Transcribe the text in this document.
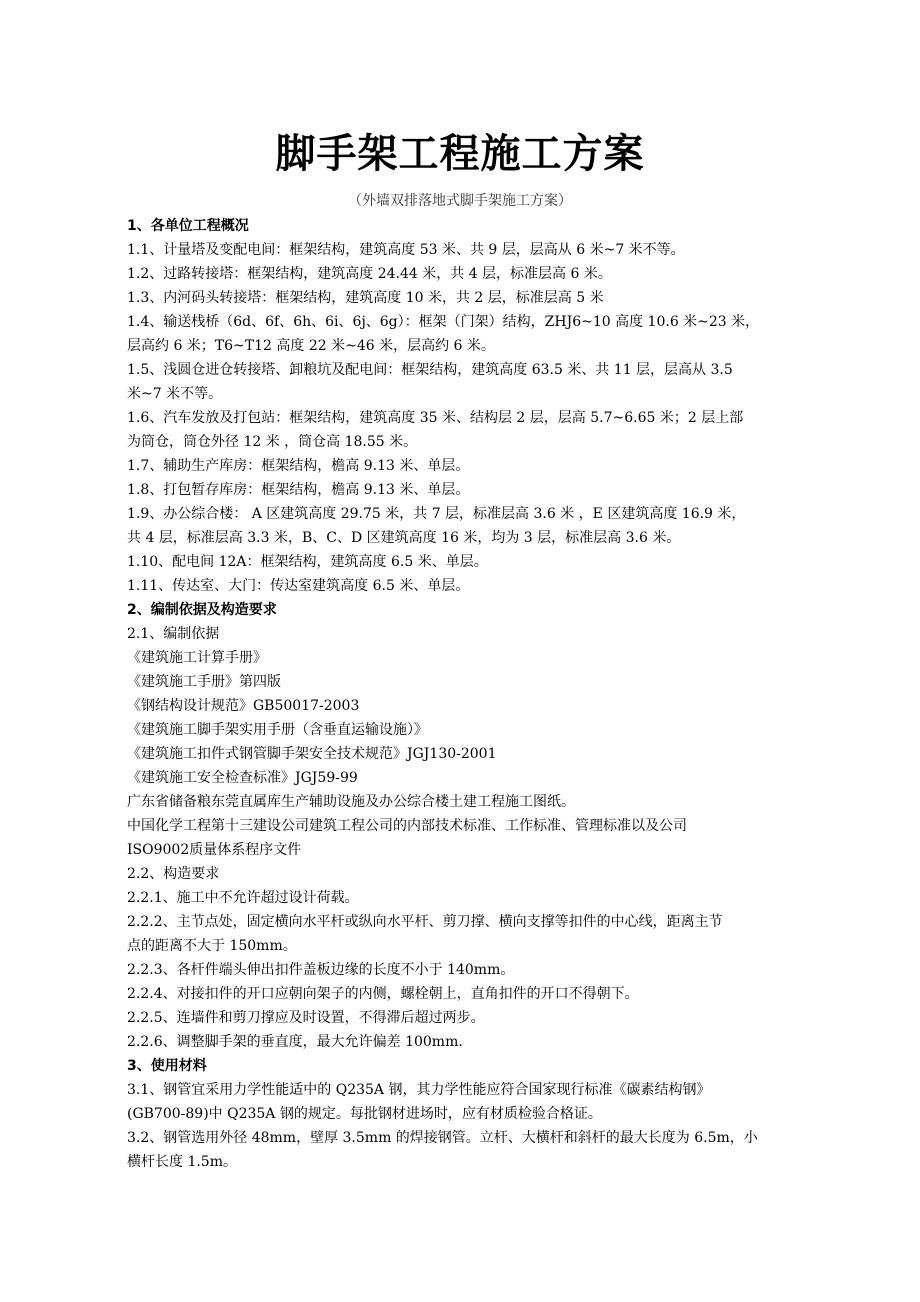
脚手架工程施工方案
（外墙双排落地式脚手架施工方案）
1、各单位工程概况
1.1、计量塔及变配电间：框架结构，建筑高度 53 米、共 9 层，层高从 6 米~7 米不等。
1.2、过路转接塔：框架结构，建筑高度 24.44 米，共 4 层，标准层高 6 米。
1.3、内河码头转接塔：框架结构，建筑高度 10 米，共 2 层，标准层高 5 米
1.4、输送栈桥（6d、6f、6h、6i、6j、6g）：框架（门架）结构，ZHJ6~10 高度 10.6 米~23 米，
层高约 6 米；T6~T12 高度 22 米~46 米，层高约 6 米。
1.5、浅圆仓进仓转接塔、卸粮坑及配电间：框架结构，建筑高度 63.5 米、共 11 层，层高从 3.5
米~7 米不等。
1.6、汽车发放及打包站：框架结构，建筑高度 35 米、结构层 2 层，层高 5.7~6.65 米；2 层上部
为筒仓，筒仓外径 12 米 ，筒仓高 18.55 米。
1.7、辅助生产库房：框架结构，檐高 9.13 米、单层。
1.8、打包暂存库房：框架结构，檐高 9.13 米、单层。
1.9、办公综合楼： A 区建筑高度 29.75 米，共 7 层，标准层高 3.6 米 ，E 区建筑高度 16.9 米，
共 4 层，标准层高 3.3 米，B、C、D 区建筑高度 16 米，均为 3 层，标准层高 3.6 米。
1.10、配电间 12A：框架结构，建筑高度 6.5 米、单层。
1.11、传达室、大门：传达室建筑高度 6.5 米、单层。
2、编制依据及构造要求
2.1、编制依据
《建筑施工计算手册》
《建筑施工手册》第四版
《钢结构设计规范》GB50017-2003
《建筑施工脚手架实用手册（含垂直运输设施）》
《建筑施工扣件式钢管脚手架安全技术规范》JGJ130-2001
《建筑施工安全检查标准》JGJ59-99
广东省储备粮东莞直属库生产辅助设施及办公综合楼土建工程施工图纸。
中国化学工程第十三建设公司建筑工程公司的内部技术标准、工作标准、管理标准以及公司
ISO9002质量体系程序文件
2.2、构造要求
2.2.1、施工中不允许超过设计荷载。
2.2.2、主节点处，固定横向水平杆或纵向水平杆、剪刀撑、横向支撑等扣件的中心线，距离主节
点的距离不大于 150mm。
2.2.3、各杆件端头伸出扣件盖板边缘的长度不小于 140mm。
2.2.4、对接扣件的开口应朝向架子的内侧，螺栓朝上，直角扣件的开口不得朝下。
2.2.5、连墙件和剪刀撑应及时设置，不得滞后超过两步。
2.2.6、调整脚手架的垂直度，最大允许偏差 100mm.
3、使用材料
3.1、钢管宜采用力学性能适中的 Q235A 钢，其力学性能应符合国家现行标准《碳素结构钢》
(GB700-89)中 Q235A 钢的规定。每批钢材进场时，应有材质检验合格证。
3.2、钢管选用外径 48mm，壁厚 3.5mm 的焊接钢管。立杆、大横杆和斜杆的最大长度为 6.5m，小
横杆长度 1.5m。
